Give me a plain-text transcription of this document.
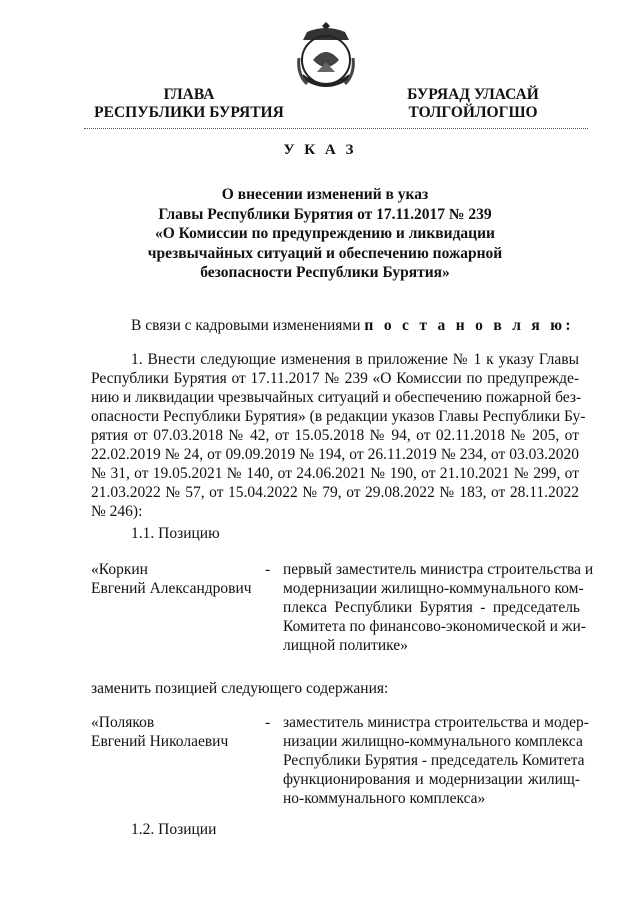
ГЛАВА
РЕСПУБЛИКИ БУРЯТИЯ
БУРЯАД УЛАСАЙ
ТОЛГОЙЛОГШО
У К А З
О внесении изменений в указ
Главы Республики Бурятия от 17.11.2017 № 239
«О Комиссии по предупреждению и ликвидации
чрезвычайных ситуаций и обеспечению пожарной
безопасности Республики Бурятия»
В связи с кадровыми изменениями п о с т а н о в л я ю:
1. Внести следующие изменения в приложение № 1 к указу Главы
Республики Бурятия от 17.11.2017 № 239 «О Комиссии по предупрежде-
нию и ликвидации чрезвычайных ситуаций и обеспечению пожарной без-
опасности Республики Бурятия» (в редакции указов Главы Республики Бу-
рятия от 07.03.2018 № 42, от 15.05.2018 № 94, от 02.11.2018 № 205, от
22.02.2019 № 24, от 09.09.2019 № 194, от 26.11.2019 № 234, от 03.03.2020
№ 31, от 19.05.2021 № 140, от 24.06.2021 № 190, от 21.10.2021 № 299, от
21.03.2022 № 57, от 15.04.2022 № 79, от 29.08.2022 № 183, от 28.11.2022
№ 246):
1.1. Позицию
«Коркин
Евгений Александрович
- первый заместитель министра строительства и
модернизации жилищно-коммунального ком-
плекса Республики Бурятия - председатель
Комитета по финансово-экономической и жи-
лищной политике»
заменить позицией следующего содержания:
«Поляков
Евгений Николаевич
- заместитель министра строительства и модер-
низации жилищно-коммунального комплекса
Республики Бурятия - председатель Комитета
функционирования и модернизации жилищ-
но-коммунального комплекса»
1.2. Позиции
